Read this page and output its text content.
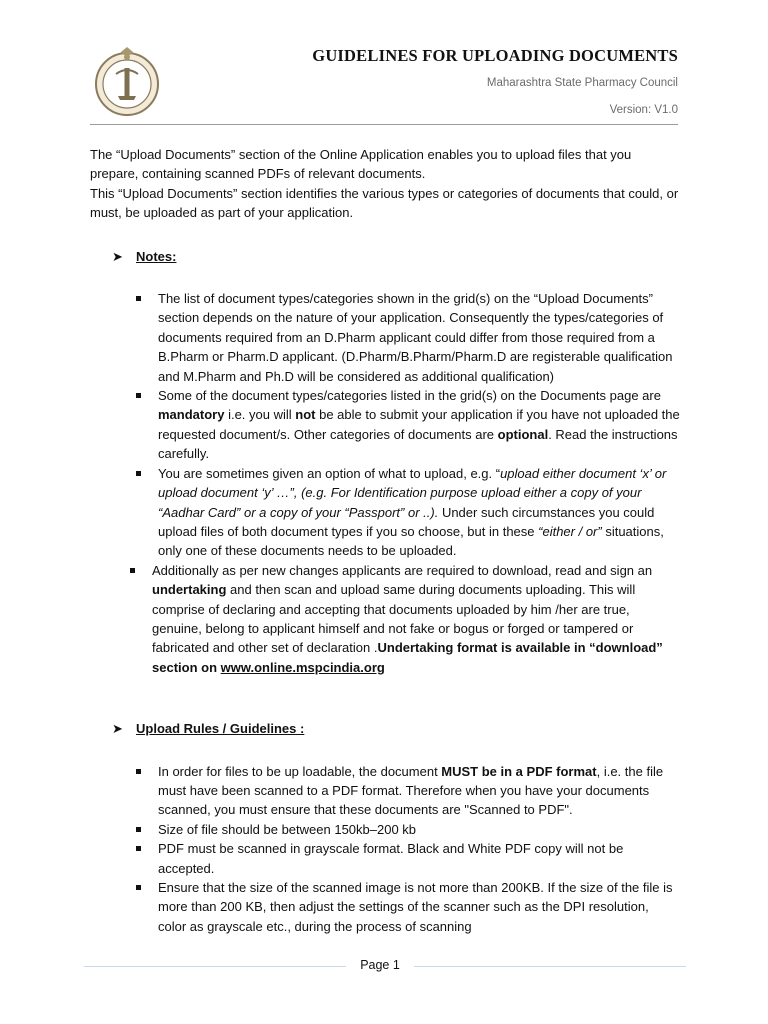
GUIDELINES FOR UPLOADING DOCUMENTS
Maharashtra State Pharmacy Council
Version: V1.0

The “Upload Documents” section of the Online Application enables you to upload files that you prepare, containing scanned PDFs of relevant documents.

This “Upload Documents” section identifies the various types or categories of documents that could, or must, be uploaded as part of your application.

➤ Notes:
The list of document types/categories shown in the grid(s) on the “Upload Documents” section depends on the nature of your application. Consequently the types/categories of documents required from an D.Pharm applicant could differ from those required from a B.Pharm or Pharm.D applicant. (D.Pharm/B.Pharm/Pharm.D are registerable qualification and M.Pharm and Ph.D will be considered as additional qualification)
Some of the document types/categories listed in the grid(s) on the Documents page are mandatory i.e. you will not be able to submit your application if you have not uploaded the requested document/s. Other categories of documents are optional. Read the instructions carefully.
You are sometimes given an option of what to upload, e.g. “upload either document ‘x’ or upload document ‘y’ …”, (e.g. For Identification purpose upload either a copy of your “Aadhar Card” or a copy of your “Passport” or ..). Under such circumstances you could upload files of both document types if you so choose, but in these “either / or” situations, only one of these documents needs to be uploaded.
Additionally as per new changes applicants are required to download, read and sign an undertaking and then scan and upload same during documents uploading. This will comprise of declaring and accepting that documents uploaded by him /her are true, genuine, belong to applicant himself and not fake or bogus or forged or tampered or fabricated and other set of declaration .Undertaking format is available in “download” section on www.online.mspcindia.org
➤ Upload Rules / Guidelines :
In order for files to be up loadable, the document MUST be in a PDF format, i.e. the file must have been scanned to a PDF format. Therefore when you have your documents scanned, you must ensure that these documents are "Scanned to PDF".
Size of file should be between 150kb–200 kb
PDF must be scanned in grayscale format. Black and White PDF copy will not be accepted.
Ensure that the size of the scanned image is not more than 200KB. If the size of the file is more than 200 KB, then adjust the settings of the scanner such as the DPI resolution, color as grayscale etc., during the process of scanning
Page 1
